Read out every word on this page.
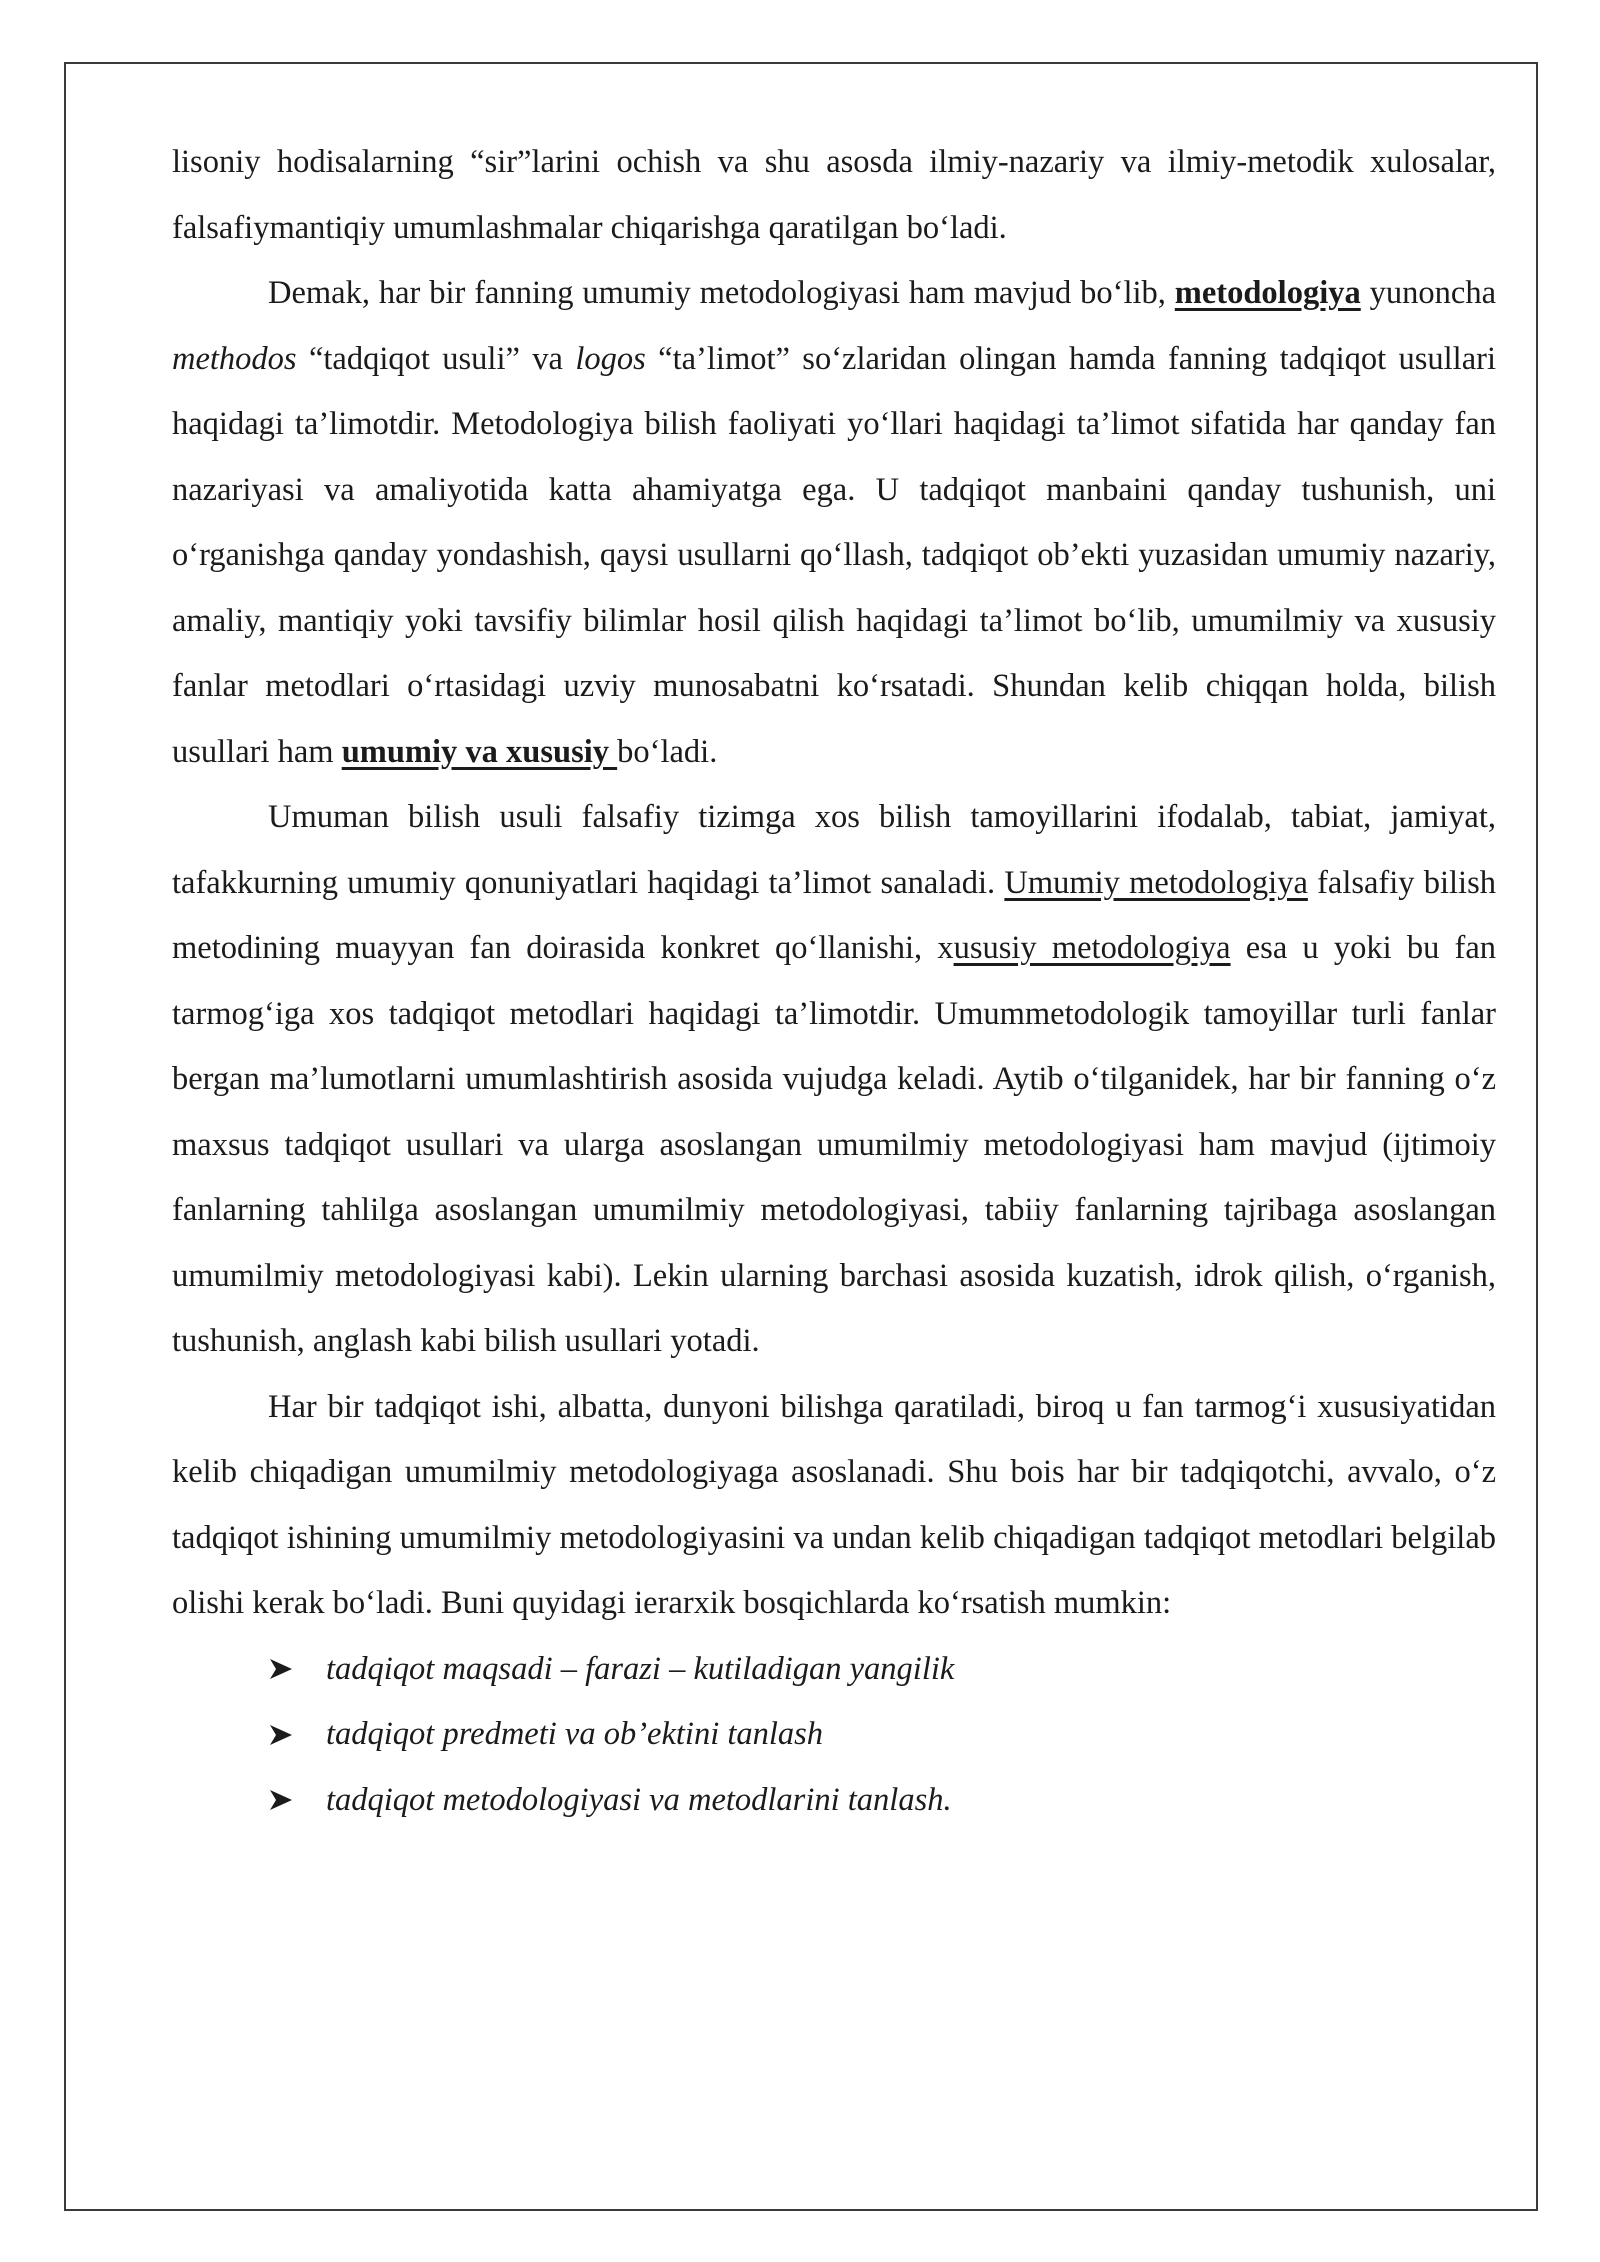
lisoniy hodisalarning “sir”larini ochish va shu asosda ilmiy-nazariy va ilmiy-metodik xulosalar, falsafiymantiqiy umumlashmalar chiqarishga qaratilgan bo‘ladi.

Demak, har bir fanning umumiy metodologiyasi ham mavjud bo‘lib, metodologiya yunoncha methodos “tadqiqot usuli” va logos “ta’limot” so‘zlaridan olingan hamda fanning tadqiqot usullari haqidagi ta’limotdir. Metodologiya bilish faoliyati yo‘llari haqidagi ta’limot sifatida har qanday fan nazariyasi va amaliyotida katta ahamiyatga ega. U tadqiqot manbaini qanday tushunish, uni o‘rganishga qanday yondashish, qaysi usullarni qo‘llash, tadqiqot ob’ekti yuzasidan umumiy nazariy, amaliy, mantiqiy yoki tavsifiy bilimlar hosil qilish haqidagi ta’limot bo‘lib, umumilmiy va xususiy fanlar metodlari o‘rtasidagi uzviy munosabatni ko‘rsatadi. Shundan kelib chiqqan holda, bilish usullari ham umumiy va xususiy bo‘ladi.

Umuman bilish usuli falsafiy tizimga xos bilish tamoyillarini ifodalab, tabiat, jamiyat, tafakkurning umumiy qonuniyatlari haqidagi ta’limot sanaladi. Umumiy metodologiya falsafiy bilish metodining muayyan fan doirasida konkret qo‘llanishi, xususiy metodologiya esa u yoki bu fan tarmog‘iga xos tadqiqot metodlari haqidagi ta’limotdir. Umummetodologik tamoyillar turli fanlar bergan ma’lumotlarni umumlashtirish asosida vujudga keladi. Aytib o‘tilganidek, har bir fanning o‘z maxsus tadqiqot usullari va ularga asoslangan umumilmiy metodologiyasi ham mavjud (ijtimoiy fanlarning tahlilga asoslangan umumilmiy metodologiyasi, tabiiy fanlarning tajribaga asoslangan umumilmiy metodologiyasi kabi). Lekin ularning barchasi asosida kuzatish, idrok qilish, o‘rganish, tushunish, anglash kabi bilish usullari yotadi.

Har bir tadqiqot ishi, albatta, dunyoni bilishga qaratiladi, biroq u fan tarmog‘i xususiyatidan kelib chiqadigan umumilmiy metodologiyaga asoslanadi. Shu bois har bir tadqiqotchi, avvalo, o‘z tadqiqot ishining umumilmiy metodologiyasini va undan kelib chiqadigan tadqiqot metodlari belgilab olishi kerak bo‘ladi. Buni quyidagi ierarxik bosqichlarda ko‘rsatish mumkin:

tadqiqot maqsadi – farazi – kutiladigan yangilik
tadqiqot predmeti va ob’ektini tanlash
tadqiqot metodologiyasi va metodlarini tanlash.
